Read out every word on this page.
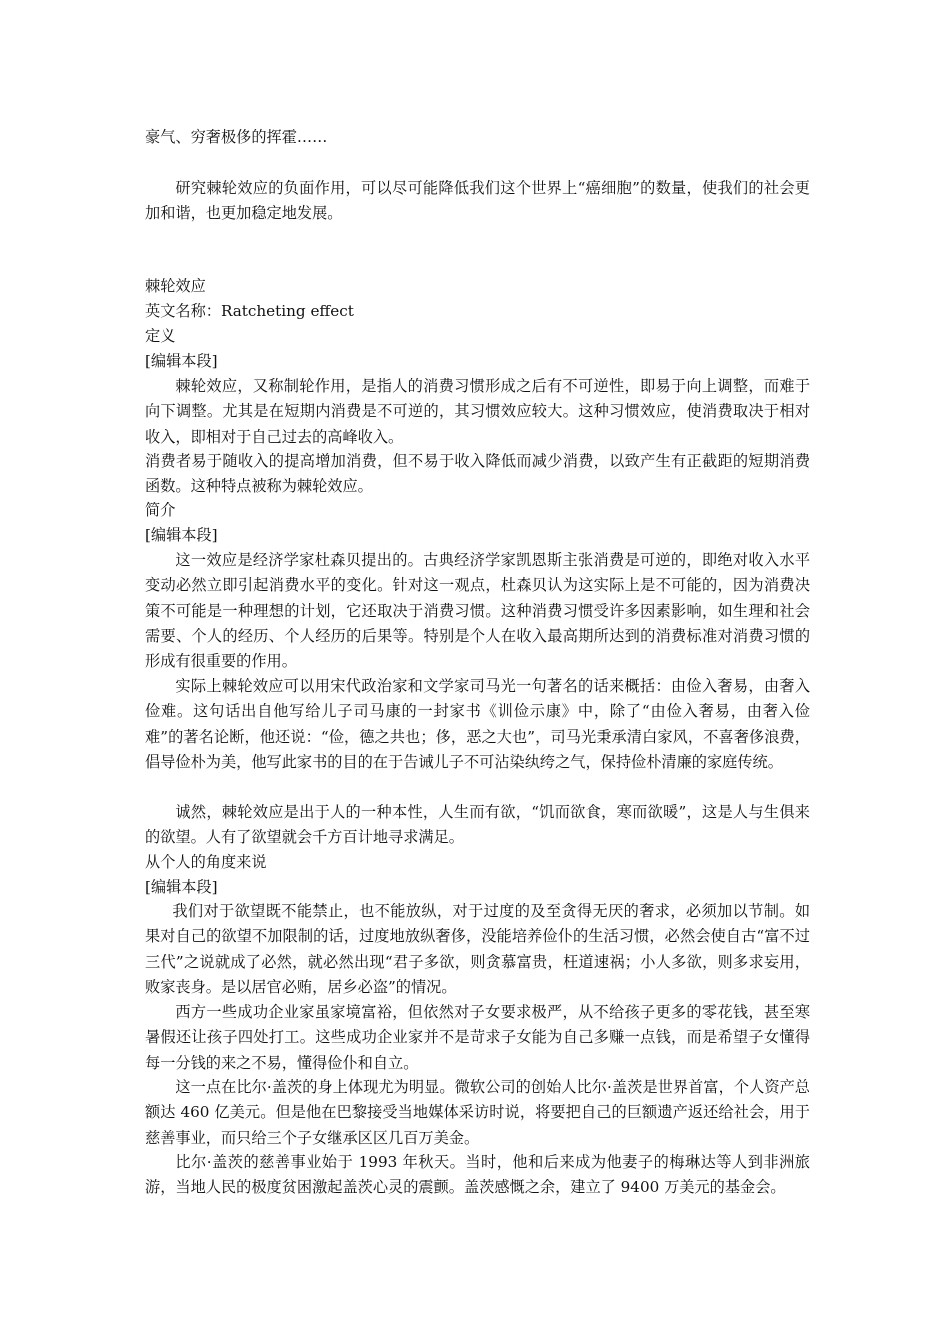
豪气、穷奢极侈的挥霍……

研究棘轮效应的负面作用，可以尽可能降低我们这个世界上“癌细胞”的数量，使我们的社会更加和谐，也更加稳定地发展。

棘轮效应
英文名称：Ratcheting effect
定义
[编辑本段]

棘轮效应，又称制轮作用，是指人的消费习惯形成之后有不可逆性，即易于向上调整，而难于向下调整。尤其是在短期内消费是不可逆的，其习惯效应较大。这种习惯效应，使消费取决于相对收入，即相对于自己过去的高峰收入。

消费者易于随收入的提高增加消费，但不易于收入降低而减少消费，以致产生有正截距的短期消费函数。这种特点被称为棘轮效应。

简介
[编辑本段]

这一效应是经济学家杜森贝提出的。古典经济学家凯恩斯主张消费是可逆的，即绝对收入水平变动必然立即引起消费水平的变化。针对这一观点，杜森贝认为这实际上是不可能的，因为消费决策不可能是一种理想的计划，它还取决于消费习惯。这种消费习惯受许多因素影响，如生理和社会需要、个人的经历、个人经历的后果等。特别是个人在收入最高期所达到的消费标准对消费习惯的形成有很重要的作用。

实际上棘轮效应可以用宋代政治家和文学家司马光一句著名的话来概括：由俭入奢易，由奢入俭难。这句话出自他写给儿子司马康的一封家书《训俭示康》中，除了“由俭入奢易，由奢入俭难”的著名论断，他还说：“俭，德之共也；侈，恶之大也”，司马光秉承清白家风，不喜奢侈浪费，倡导俭朴为美，他写此家书的目的在于告诫儿子不可沾染纨绔之气，保持俭朴清廉的家庭传统。

诚然，棘轮效应是出于人的一种本性，人生而有欲，“饥而欲食，寒而欲暖”，这是人与生俱来的欲望。人有了欲望就会千方百计地寻求满足。

从个人的角度来说
[编辑本段]

我们对于欲望既不能禁止，也不能放纵，对于过度的及至贪得无厌的奢求，必须加以节制。如果对自己的欲望不加限制的话，过度地放纵奢侈，没能培养俭仆的生活习惯，必然会使自古“富不过三代”之说就成了必然，就必然出现“君子多欲，则贪慕富贵，枉道速祸；小人多欲，则多求妄用，败家丧身。是以居官必贿，居乡必盗”的情况。

西方一些成功企业家虽家境富裕，但依然对子女要求极严，从不给孩子更多的零花钱，甚至寒暑假还让孩子四处打工。这些成功企业家并不是苛求子女能为自己多赚一点钱，而是希望子女懂得每一分钱的来之不易，懂得俭仆和自立。

这一点在比尔·盖茨的身上体现尤为明显。微软公司的创始人比尔·盖茨是世界首富，个人资产总额达 460 亿美元。但是他在巴黎接受当地媒体采访时说，将要把自己的巨额遗产返还给社会，用于慈善事业，而只给三个子女继承区区几百万美金。

比尔·盖茨的慈善事业始于 1993 年秋天。当时，他和后来成为他妻子的梅琳达等人到非洲旅游，当地人民的极度贫困激起盖茨心灵的震颤。盖茨感慨之余，建立了 9400 万美元的基金会。
